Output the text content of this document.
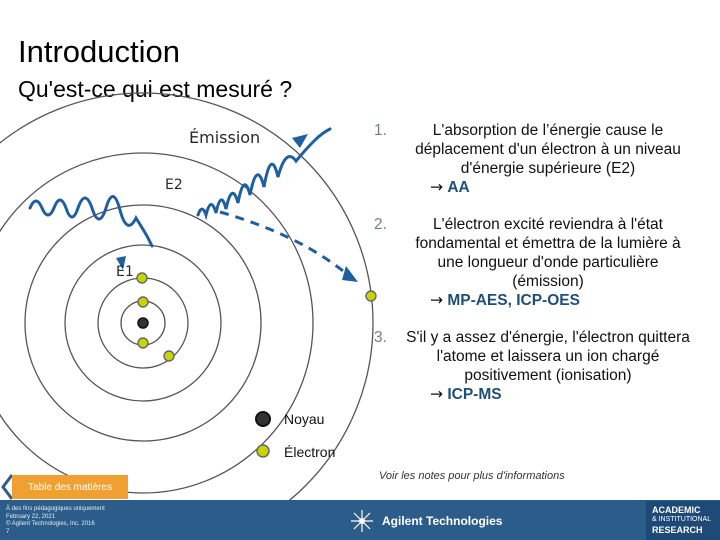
Introduction
Qu'est-ce qui est mesuré ?
Émission
E2
E1
Noyau
Électron
1.	L'absorption de l’énergie cause le déplacement d'un électron à un niveau d'énergie supérieure (E2)
→ AA
2.	L'électron excité reviendra à l'état fondamental et émettra de la lumière à une longueur d'onde particulière (émission)
→ MP-AES, ICP-OES
3. S'il y a assez d'énergie, l'électron quittera l'atome et laissera un ion chargé positivement (ionisation)
→ ICP-MS
Voir les notes pour plus d'informations
Table des matières
À des fins pédagogiques uniquement
February 22, 2021
© Agilent Technologies, Inc. 2016
7
Agilent Technologies
ACADEMIC
& INSTITUTIONAL
RESEARCH
